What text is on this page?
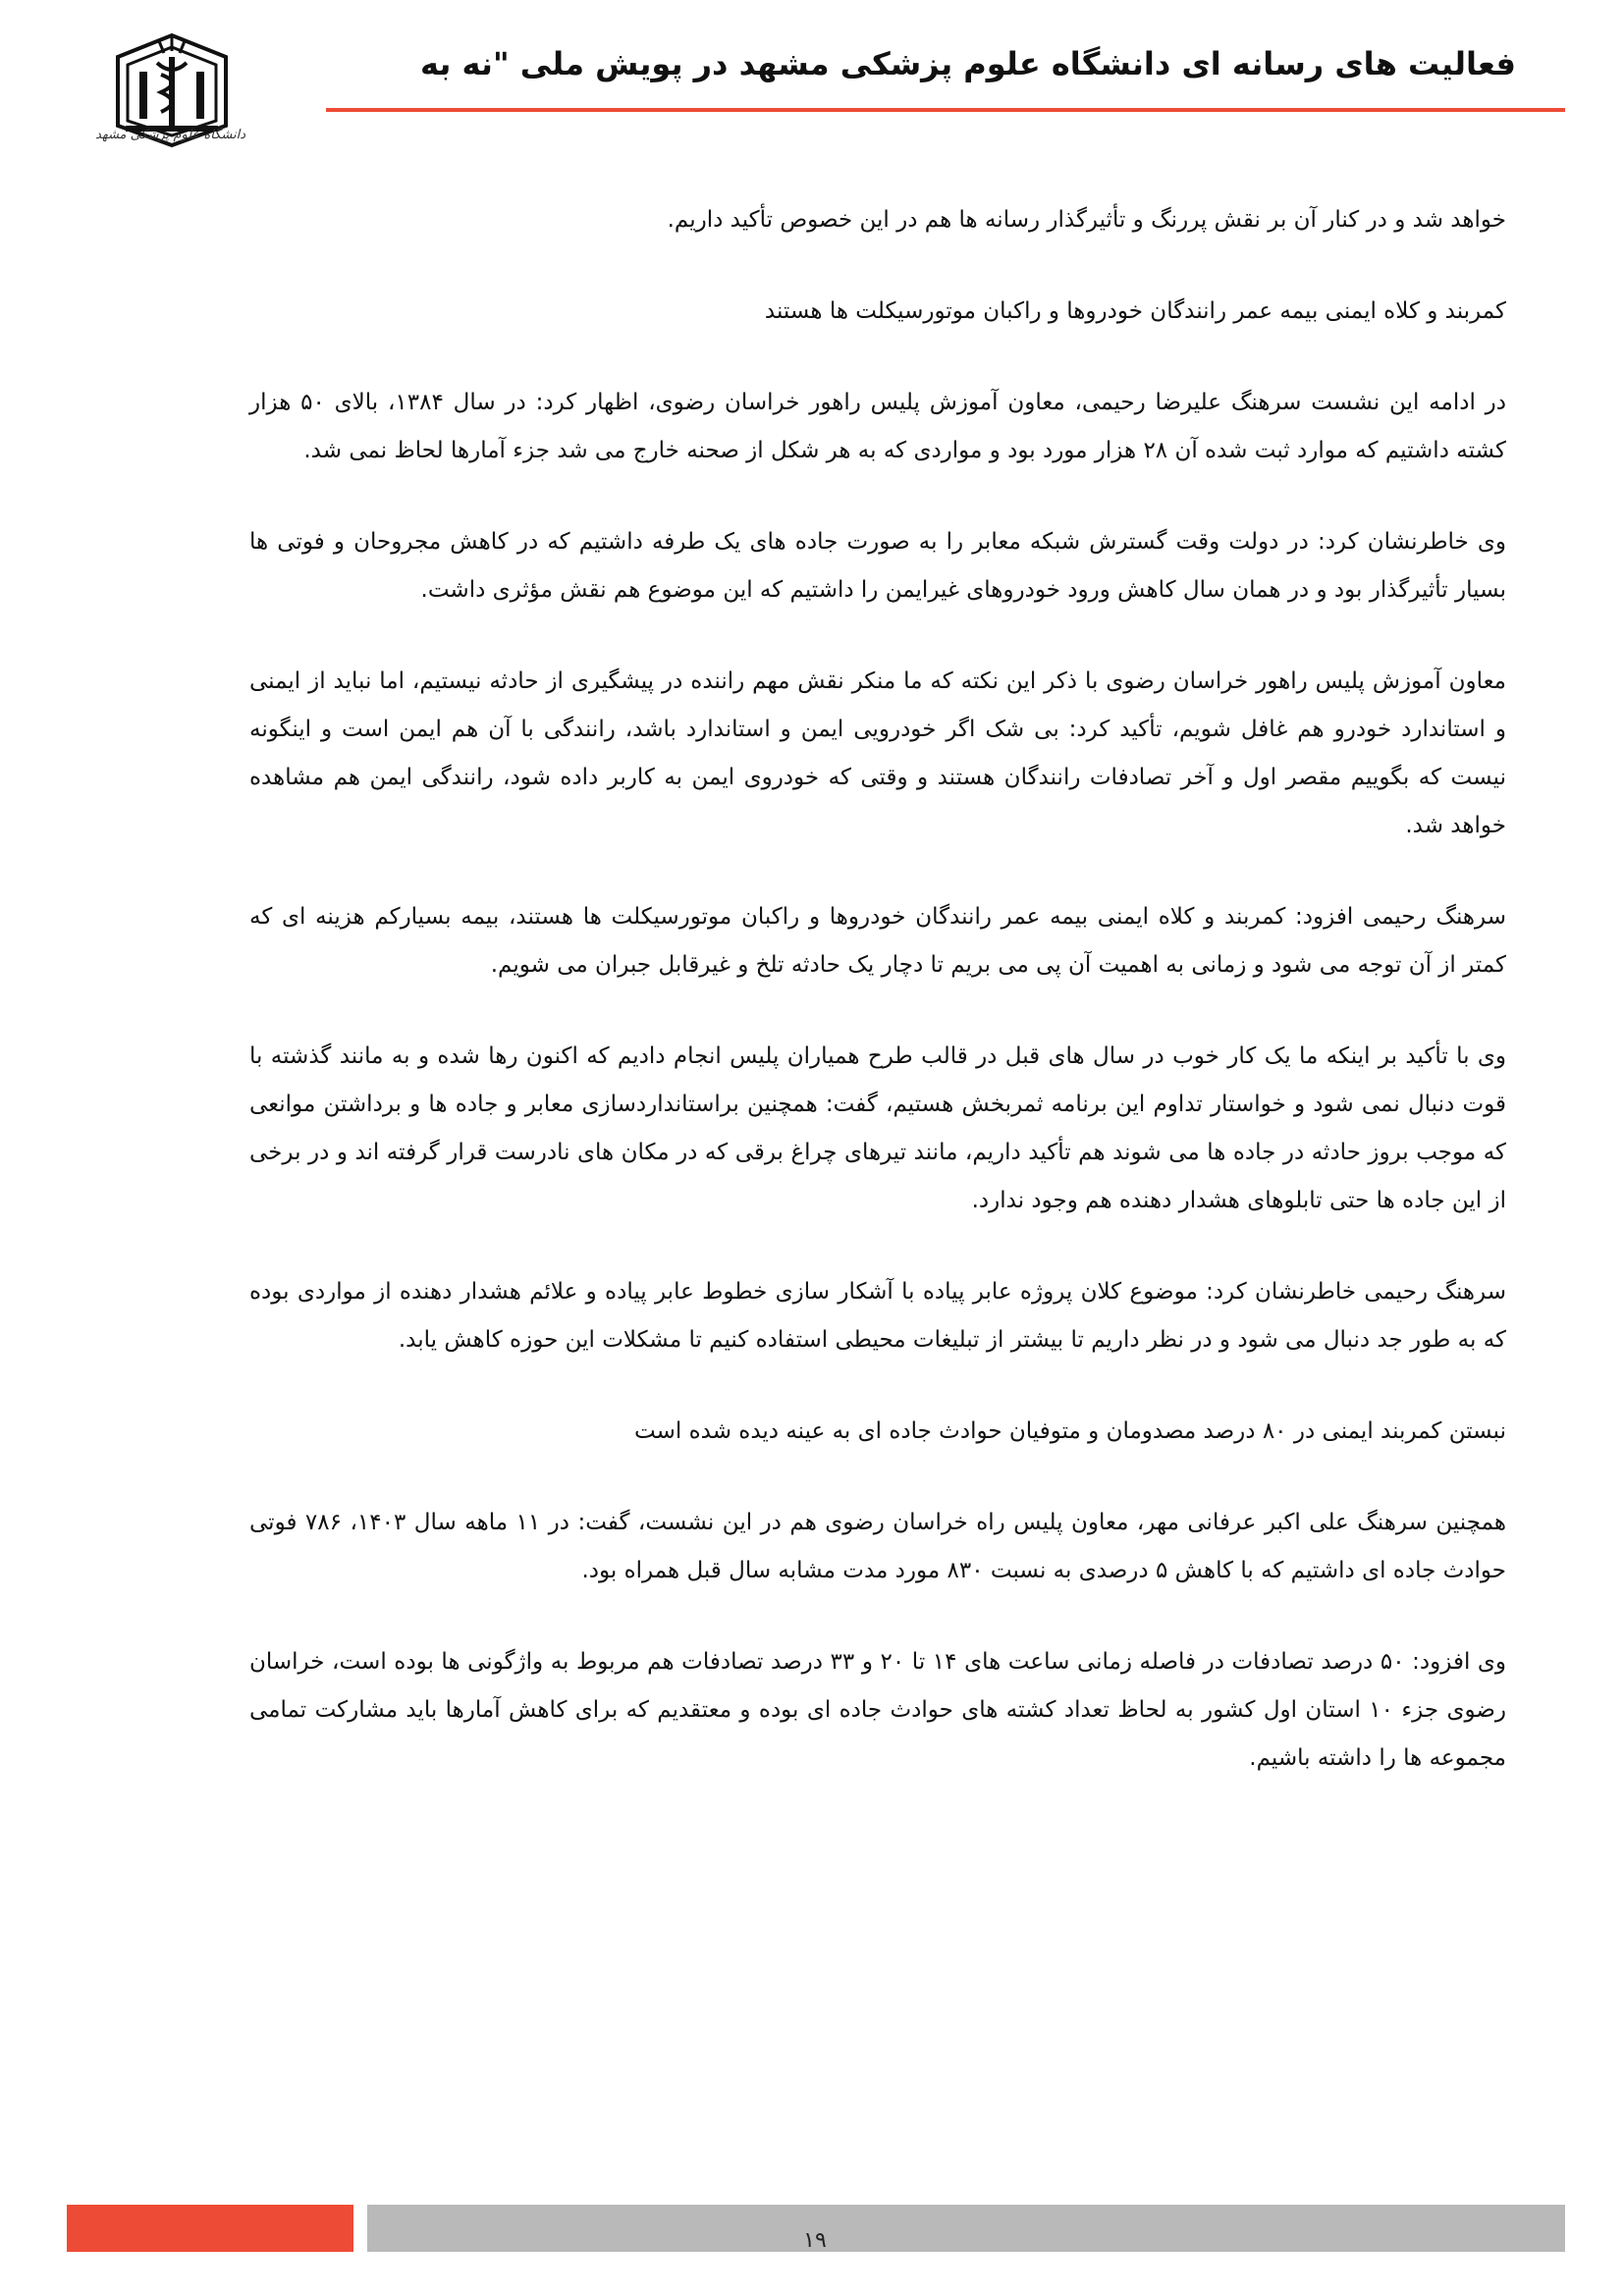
دانشگاه علوم پزشکی مشهد
فعالیت های رسانه ای دانشگاه علوم پزشکی مشهد در پویش ملی "نه به

خواهد شد و در کنار آن بر نقش پررنگ و تأثیرگذار رسانه ها هم در این خصوص تأکید داریم.

کمربند و کلاه ایمنی بیمه عمر رانندگان خودروها و راکبان موتورسیکلت ها هستند

در ادامه این نشست سرهنگ علیرضا رحیمی، معاون آموزش پلیس راهور خراسان رضوی، اظهار کرد: در سال ۱۳۸۴، بالای ۵۰ هزار کشته داشتیم که موارد ثبت شده آن ۲۸ هزار مورد بود و مواردی که به هر شکل از صحنه خارج می شد جزء آمارها لحاظ نمی شد.

وی خاطرنشان کرد: در دولت وقت گسترش شبکه معابر را به صورت جاده های یک طرفه داشتیم که در کاهش مجروحان و فوتی ها بسیار تأثیرگذار بود و در همان سال کاهش ورود خودروهای غیرایمن را داشتیم که این موضوع هم نقش مؤثری داشت.

معاون آموزش پلیس راهور خراسان رضوی با ذکر این نکته که ما منکر نقش مهم راننده در پیشگیری از حادثه نیستیم، اما نباید از ایمنی و استاندارد خودرو هم غافل شویم، تأکید کرد: بی شک اگر خودرویی ایمن و استاندارد باشد، رانندگی با آن هم ایمن است و اینگونه نیست که بگوییم مقصر اول و آخر تصادفات رانندگان هستند و وقتی که خودروی ایمن به کاربر داده شود، رانندگی ایمن هم مشاهده خواهد شد.

سرهنگ رحیمی افزود: کمربند و کلاه ایمنی بیمه عمر رانندگان خودروها و راکبان موتورسیکلت ها هستند، بیمه بسیارکم هزینه ای که کمتر از آن توجه می شود و زمانی به اهمیت آن پی می بریم تا دچار یک حادثه تلخ و غیرقابل جبران می شویم.

وی با تأکید بر اینکه ما یک کار خوب در سال های قبل در قالب طرح همیاران پلیس انجام دادیم که اکنون رها شده و به مانند گذشته با قوت دنبال نمی شود و خواستار تداوم این برنامه ثمربخش هستیم، گفت: همچنین براستانداردسازی معابر و جاده ها و برداشتن موانعی که موجب بروز حادثه در جاده ها می شوند هم تأکید داریم، مانند تیرهای چراغ برقی که در مکان های نادرست قرار گرفته اند و در برخی از این جاده ها حتی تابلوهای هشدار دهنده هم وجود ندارد.

سرهنگ رحیمی خاطرنشان کرد: موضوع کلان پروژه عابر پیاده با آشکار سازی خطوط عابر پیاده و علائم هشدار دهنده از مواردی بوده که به طور جد دنبال می شود و در نظر داریم تا بیشتر از تبلیغات محیطی استفاده کنیم تا مشکلات این حوزه کاهش یابد.

نبستن کمربند ایمنی در ۸۰ درصد مصدومان و متوفیان حوادث جاده ای به عینه دیده شده است

همچنین سرهنگ علی اکبر عرفانی مهر، معاون پلیس راه خراسان رضوی هم در این نشست، گفت: در ۱۱ ماهه سال ۱۴۰۳، ۷۸۶ فوتی حوادث جاده ای داشتیم که با کاهش ۵ درصدی به نسبت ۸۳۰ مورد مدت مشابه سال قبل همراه بود.

وی افزود: ۵۰ درصد تصادفات در فاصله زمانی ساعت های ۱۴ تا ۲۰ و ۳۳ درصد تصادفات هم مربوط به واژگونی ها بوده است، خراسان رضوی جزء ۱۰ استان اول کشور به لحاظ تعداد کشته های حوادث جاده ای بوده و معتقدیم که برای کاهش آمارها باید مشارکت تمامی مجموعه ها را داشته باشیم.

۱۹
